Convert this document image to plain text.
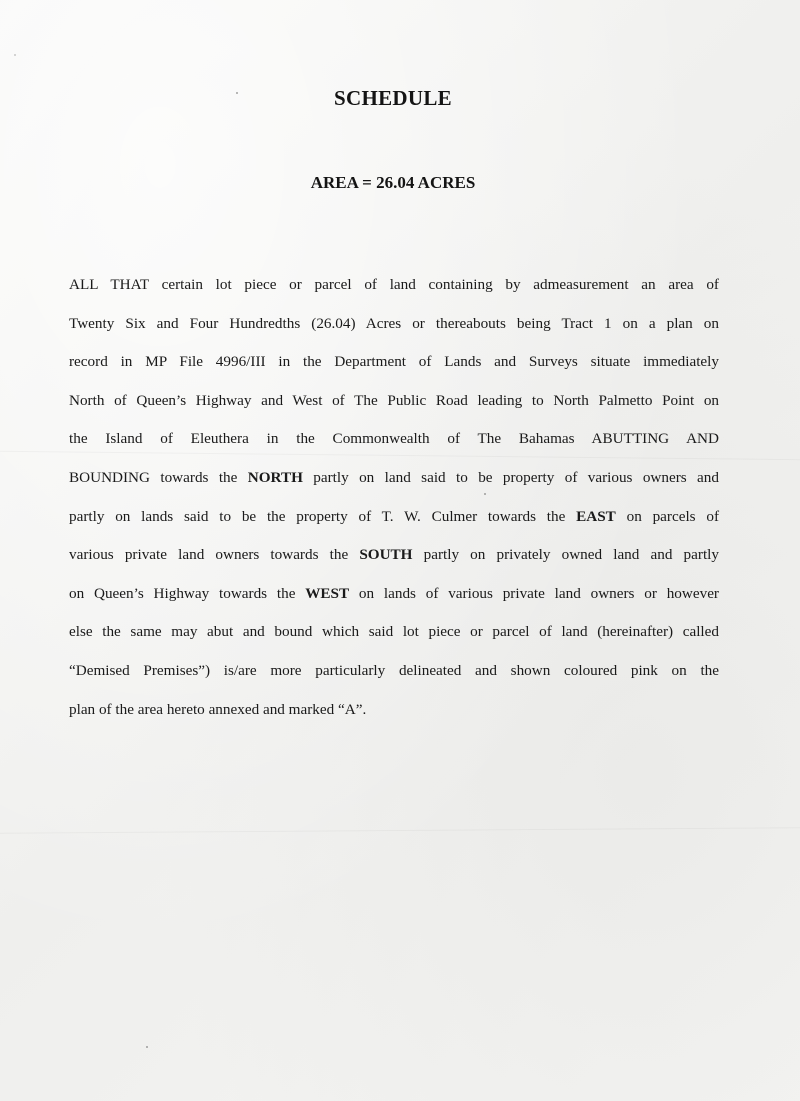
SCHEDULE
AREA = 26.04 ACRES
ALL THAT certain lot piece or parcel of land containing by admeasurement an area of
Twenty Six and Four Hundredths (26.04) Acres or thereabouts being Tract 1 on a plan on
record in MP File 4996/III in the Department of Lands and Surveys situate immediately
North of Queen’s Highway and West of The Public Road leading to North Palmetto Point on
the Island of Eleuthera in the Commonwealth of The Bahamas ABUTTING AND
BOUNDING towards the NORTH partly on land said to be property of various owners and
partly on lands said to be the property of T. W. Culmer towards the EAST on parcels of
various private land owners towards the SOUTH partly on privately owned land and partly
on Queen’s Highway towards the WEST on lands of various private land owners or however
else the same may abut and bound which said lot piece or parcel of land (hereinafter) called
“Demised Premises”) is/are more particularly delineated and shown coloured pink on the
plan of the area hereto annexed and marked “A”.
